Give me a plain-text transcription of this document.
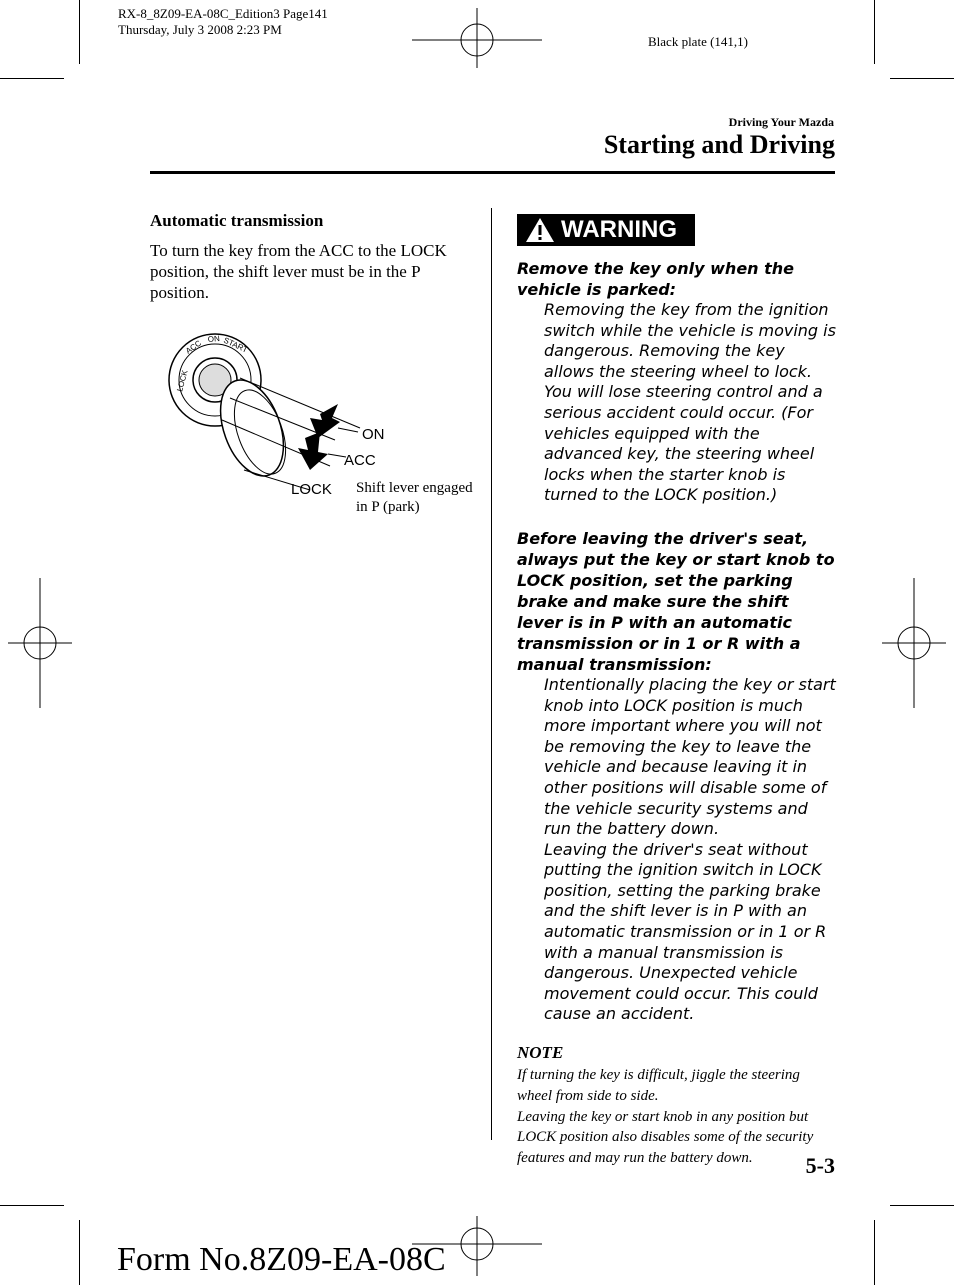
RX-8_8Z09-EA-08C_Edition3 Page141
Thursday, July 3 2008 2:23 PM
Black plate (141,1)
Driving Your Mazda
Starting and Driving
Automatic transmission

To turn the key from the ACC to the LOCK position, the shift lever must be in the P position.

LOCK
ACC ON START
ON
ACC
LOCK Shift lever engaged in P (park)
WARNING

Remove the key only when the vehicle is parked:

Removing the key from the ignition switch while the vehicle is moving is dangerous. Removing the key allows the steering wheel to lock. You will lose steering control and a serious accident could occur. (For vehicles equipped with the advanced key, the steering wheel locks when the starter knob is turned to the LOCK position.)

Before leaving the driver's seat, always put the key or start knob to LOCK position, set the parking brake and make sure the shift lever is in P with an automatic transmission or in 1 or R with a manual transmission:

Intentionally placing the key or start knob into LOCK position is much more important where you will not be removing the key to leave the vehicle and because leaving it in other positions will disable some of the vehicle security systems and run the battery down.

Leaving the driver's seat without putting the ignition switch in LOCK position, setting the parking brake and the shift lever is in P with an automatic transmission or in 1 or R with a manual transmission is dangerous. Unexpected vehicle movement could occur. This could cause an accident.

NOTE

If turning the key is difficult, jiggle the steering wheel from side to side.

Leaving the key or start knob in any position but LOCK position also disables some of the security features and may run the battery down.	5-3
Form No.8Z09-EA-08C
